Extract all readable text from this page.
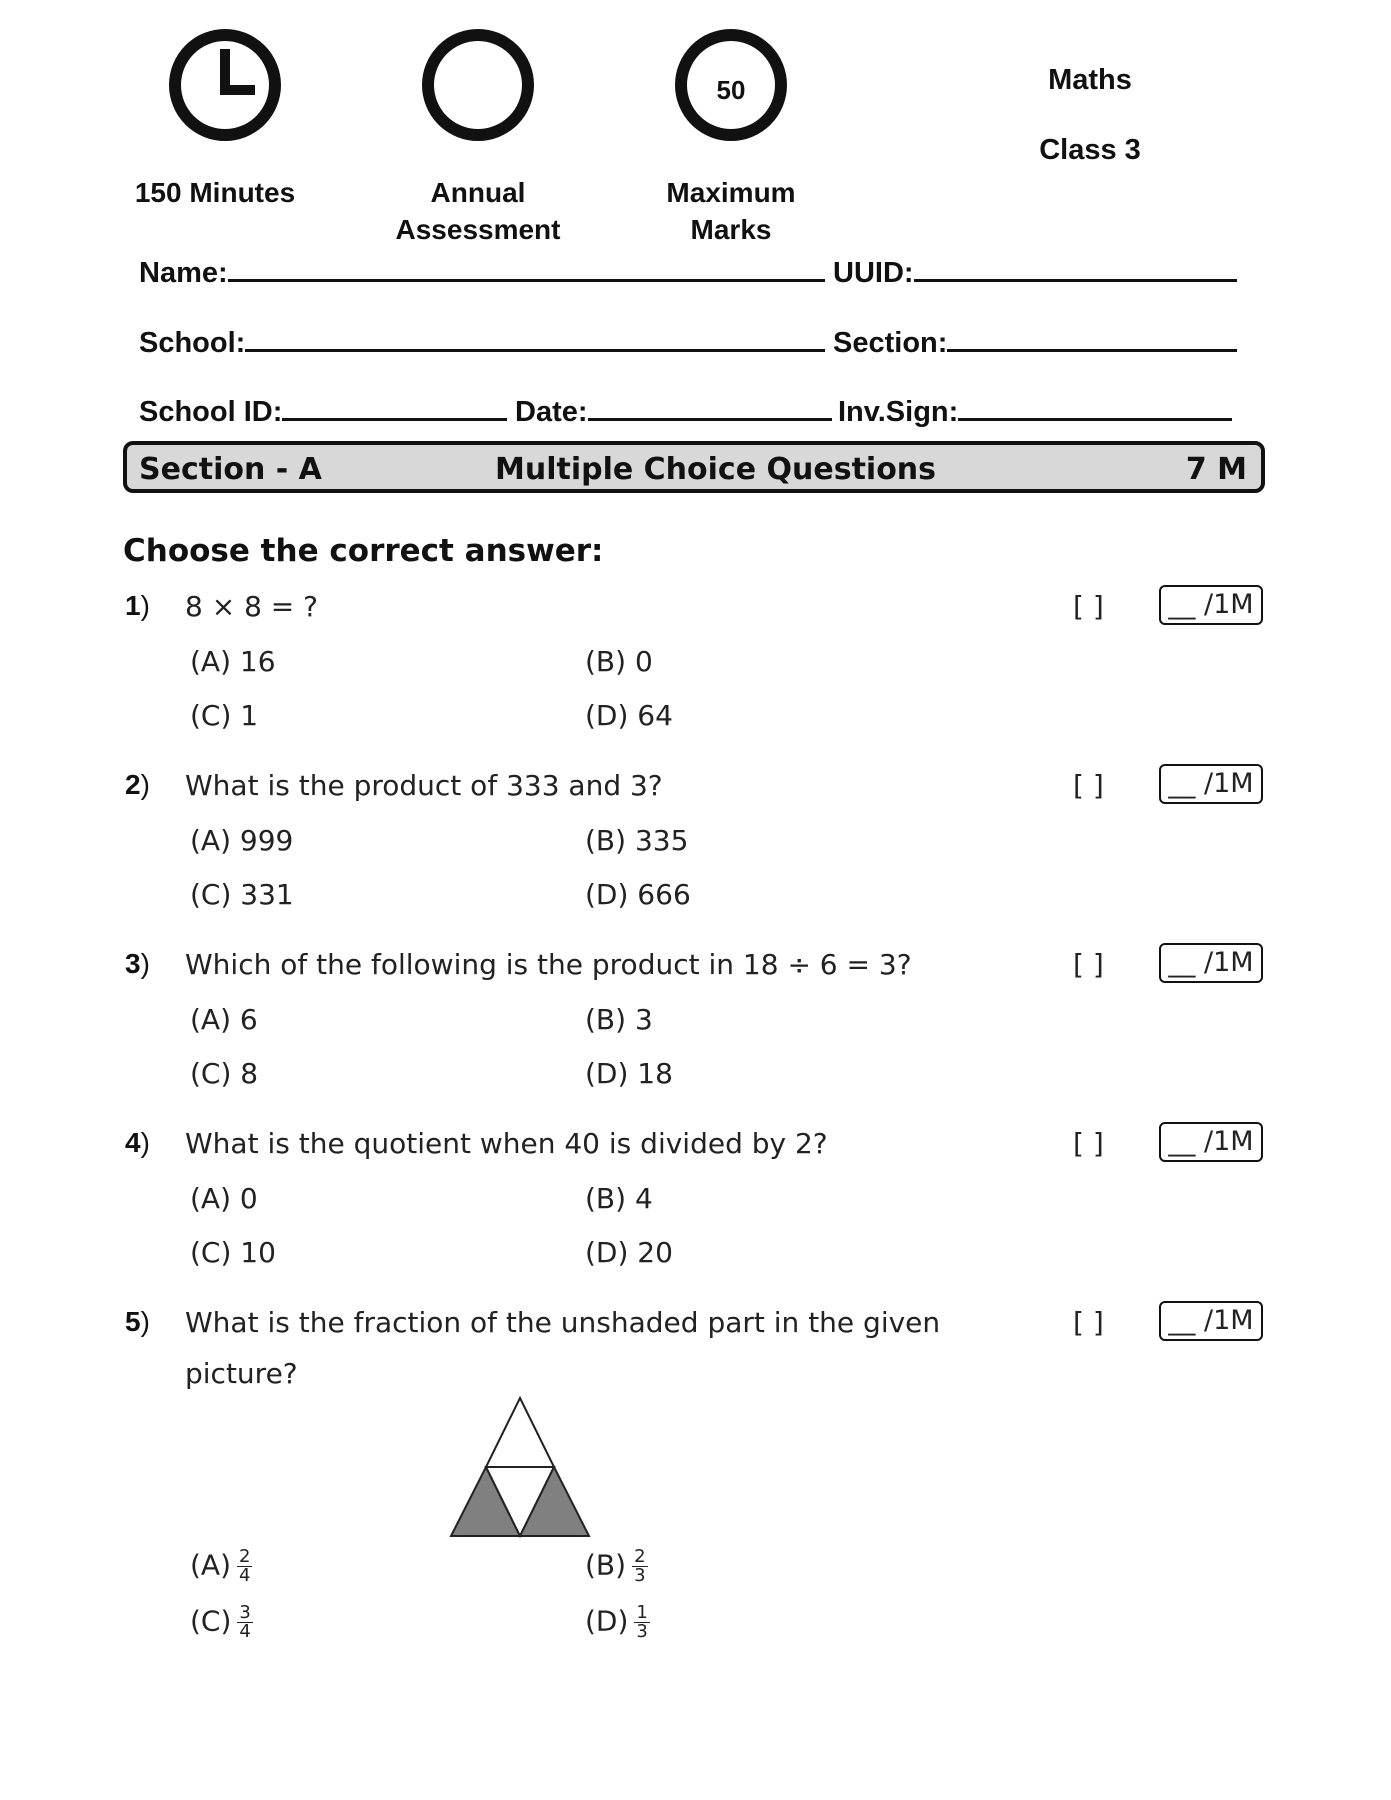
50
150 Minutes	Annual
Assessment
Maximum
Marks
Maths
Class 3
Name:	UUID:
School:	Section:
School ID:	Date:	Inv.Sign:
Section - A	Multiple Choice Questions	7 M
Choose the correct answer:
1) 8 × 8 = ?	[ ]	__ /1M
(A) 16	(B) 0
(C) 1	(D) 64
2) What is the product of 333 and 3?	[ ]	__ /1M
(A) 999	(B) 335
(C) 331	(D) 666
3) Which of the following is the product in 18 ÷ 6 = 3?	[ ]	__ /1M
(A) 6	(B) 3
(C) 8	(D) 18
4) What is the quotient when 40 is divided by 2?	[ ]	__ /1M
(A) 0	(B) 4
(C) 10	(D) 20
5) What is the fraction of the unshaded part in the given
picture?
[ ]	__ /1M
$(A) \frac{2}{4}$	$(B) \frac{2}{3}$
$(C) \frac{3}{4}$	$(D) \frac{1}{3}$
